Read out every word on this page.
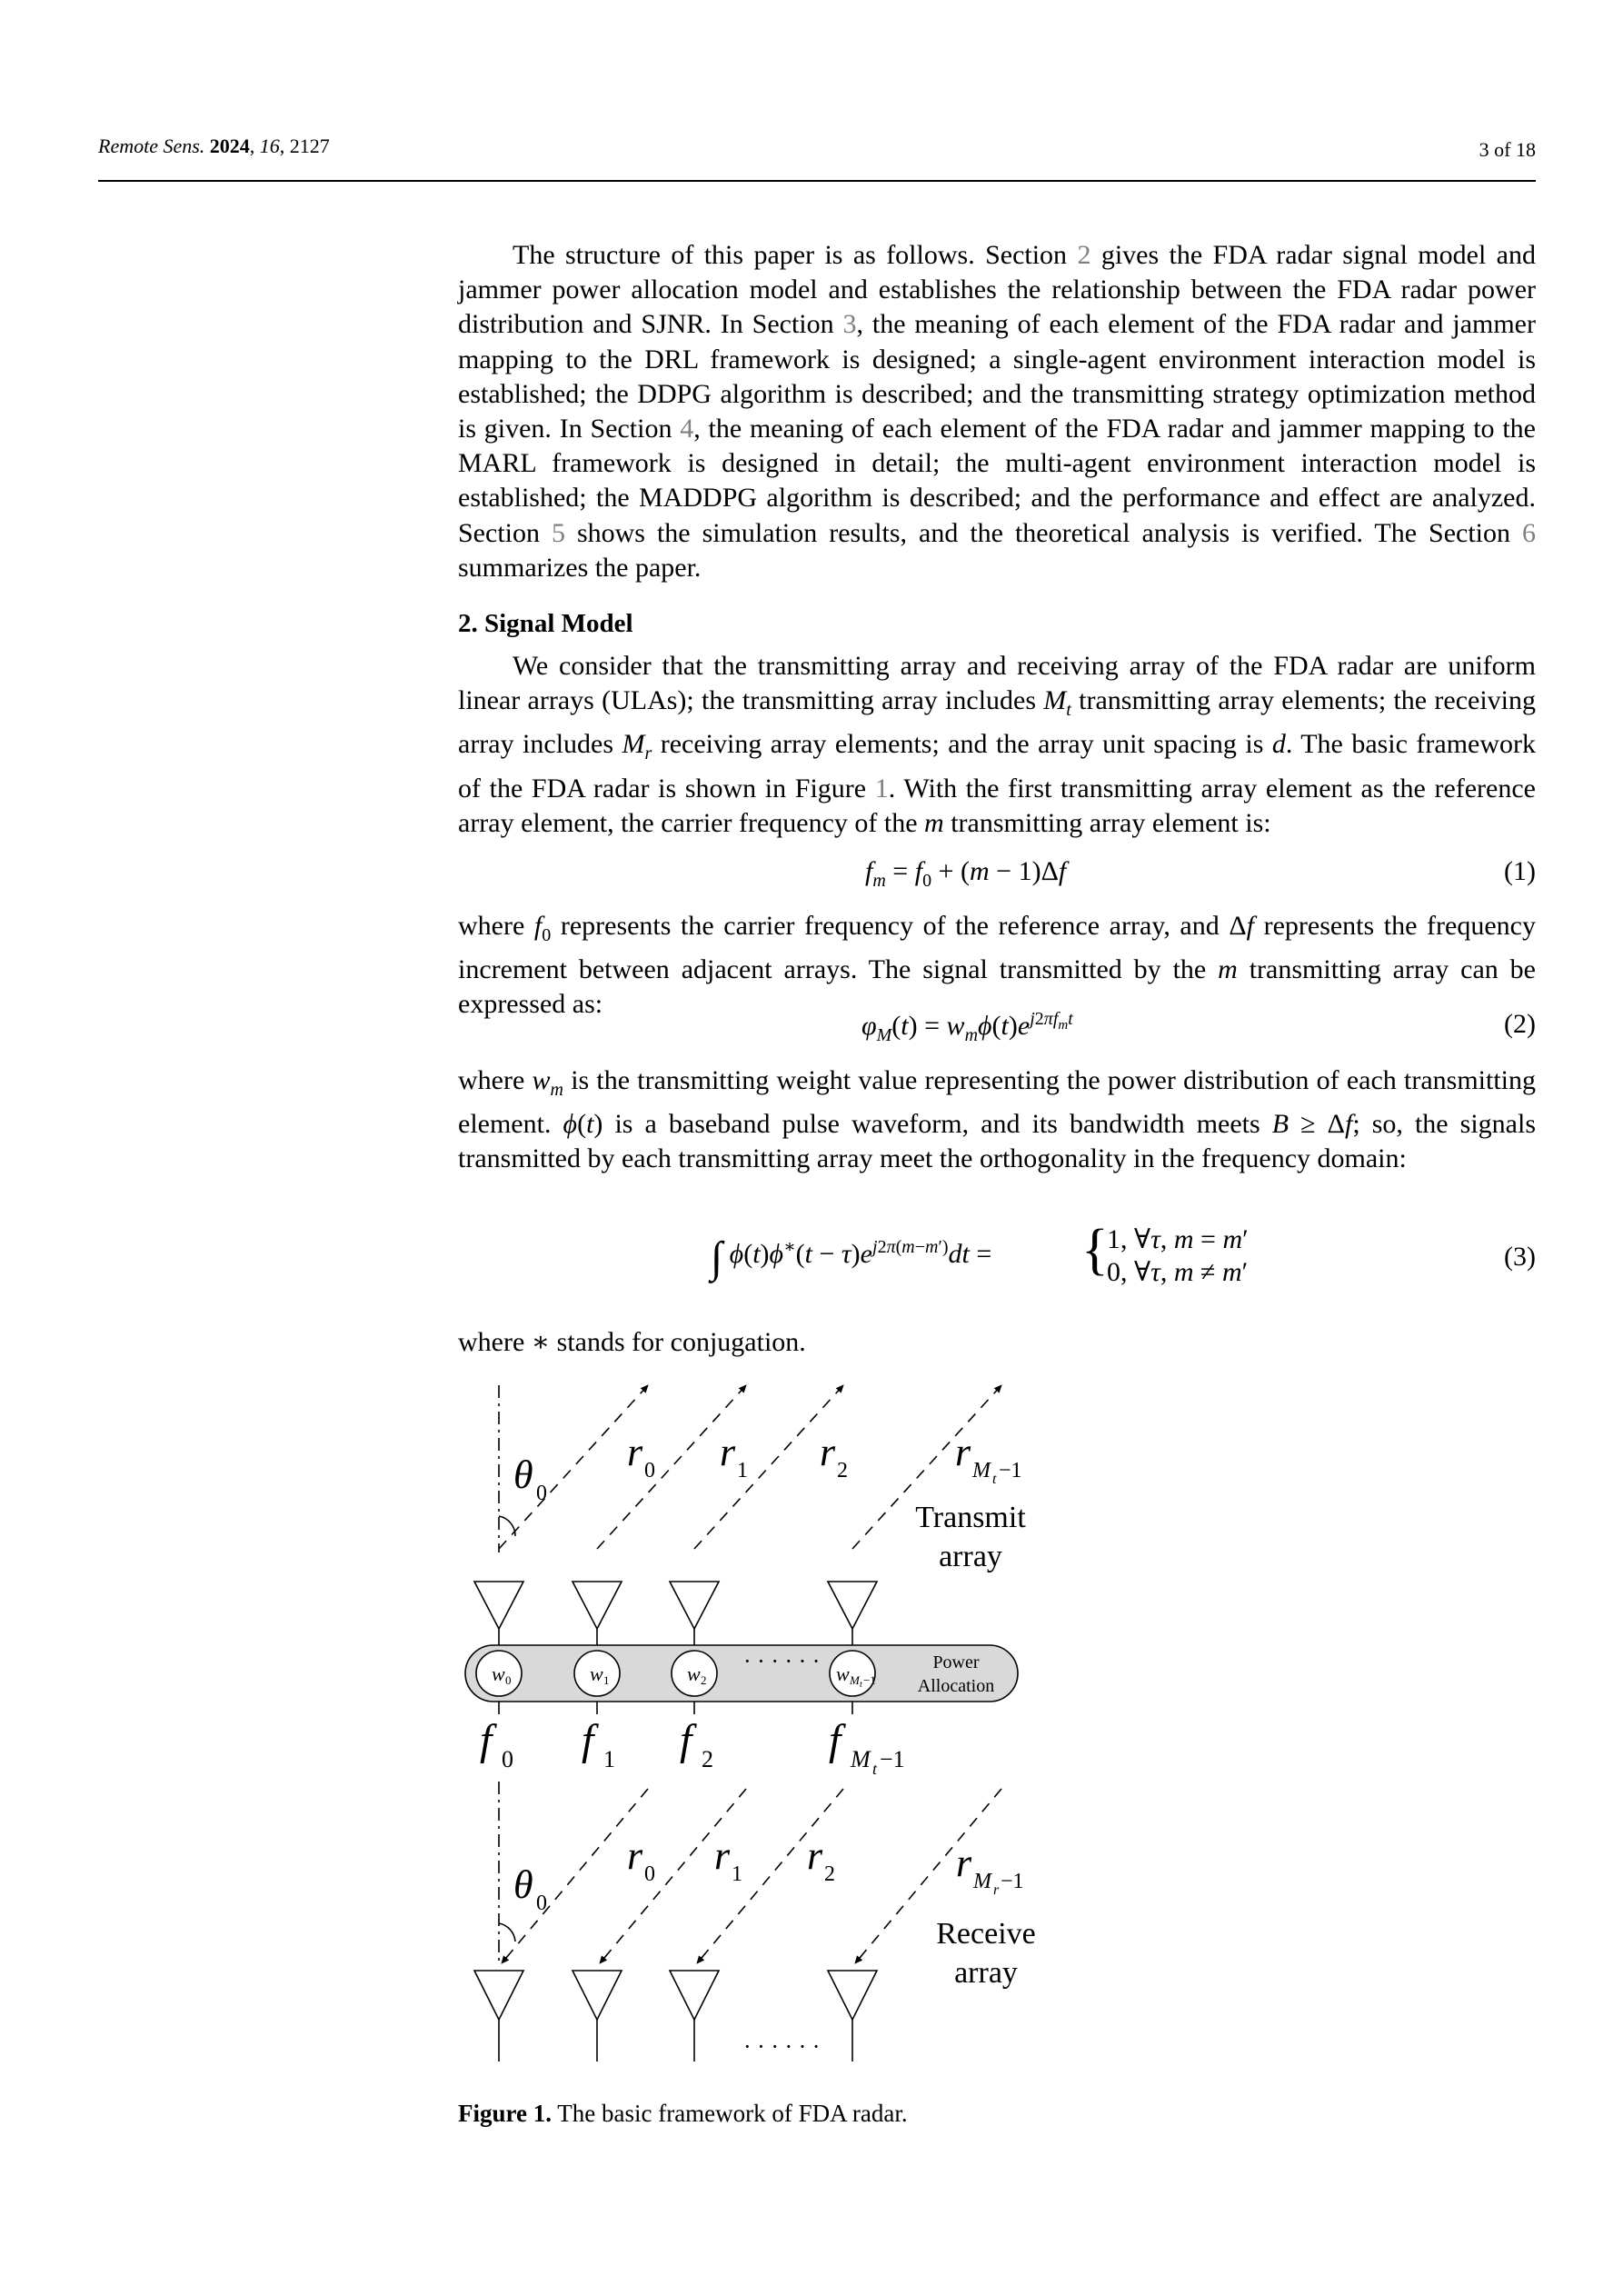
Remote Sens. 2024, 16, 2127	3 of 18

The structure of this paper is as follows. Section 2 gives the FDA radar signal model and jammer power allocation model and establishes the relationship between the FDA radar power distribution and SJNR. In Section 3, the meaning of each element of the FDA radar and jammer mapping to the DRL framework is designed; a single-agent environment interaction model is established; the DDPG algorithm is described; and the transmitting strategy optimization method is given. In Section 4, the meaning of each element of the FDA radar and jammer mapping to the MARL framework is designed in detail; the multi-agent environment interaction model is established; the MADDPG algorithm is described; and the performance and effect are analyzed. Section 5 shows the simulation results, and the theoretical analysis is verified. The Section 6 summarizes the paper.

2. Signal Model

We consider that the transmitting array and receiving array of the FDA radar are uniform linear arrays (ULAs); the transmitting array includes $M_t$ transmitting array elements; the receiving array includes $M_r$ receiving array elements; and the array unit spacing is d. The basic framework of the FDA radar is shown in Figure 1. With the first transmitting array element as the reference array element, the carrier frequency of the m transmitting array element is:

$f_m = f_0 + (m - 1)\Delta f$	(1)

where $f_0$ represents the carrier frequency of the reference array, and Δf represents the frequency increment between adjacent arrays. The signal transmitted by the m transmitting array can be expressed as:

$\varphi_M(t) = w_m\phi(t)e^{j2\pi f_mt}$	(2)

where $w_m$ is the transmitting weight value representing the power distribution of each transmitting element. ϕ(t) is a baseband pulse waveform, and its bandwidth meets B ≥ Δf; so, the signals transmitted by each transmitting array meet the orthogonality in the frequency domain:

∫ $\phi(t)\phi^∗(t - \tau)e^{j2\pi(m-m')}dt$ = {
1, ∀τ, m = m′
0, ∀τ, m ≠ m′
(3)

where ∗ stands for conjugation.

θ 0
r 0 r 1 r 2	r M t −1
Transmit
array
w 0	w 1	w 2	w M t −1
· · · · · ·	Power
Allocation
f 0 f 1 f 2	f M t −1
θ 0
r 0 r 1 r 2	r M r −1
Receive
array
· · · · · ·
Figure 1. The basic framework of FDA radar.
